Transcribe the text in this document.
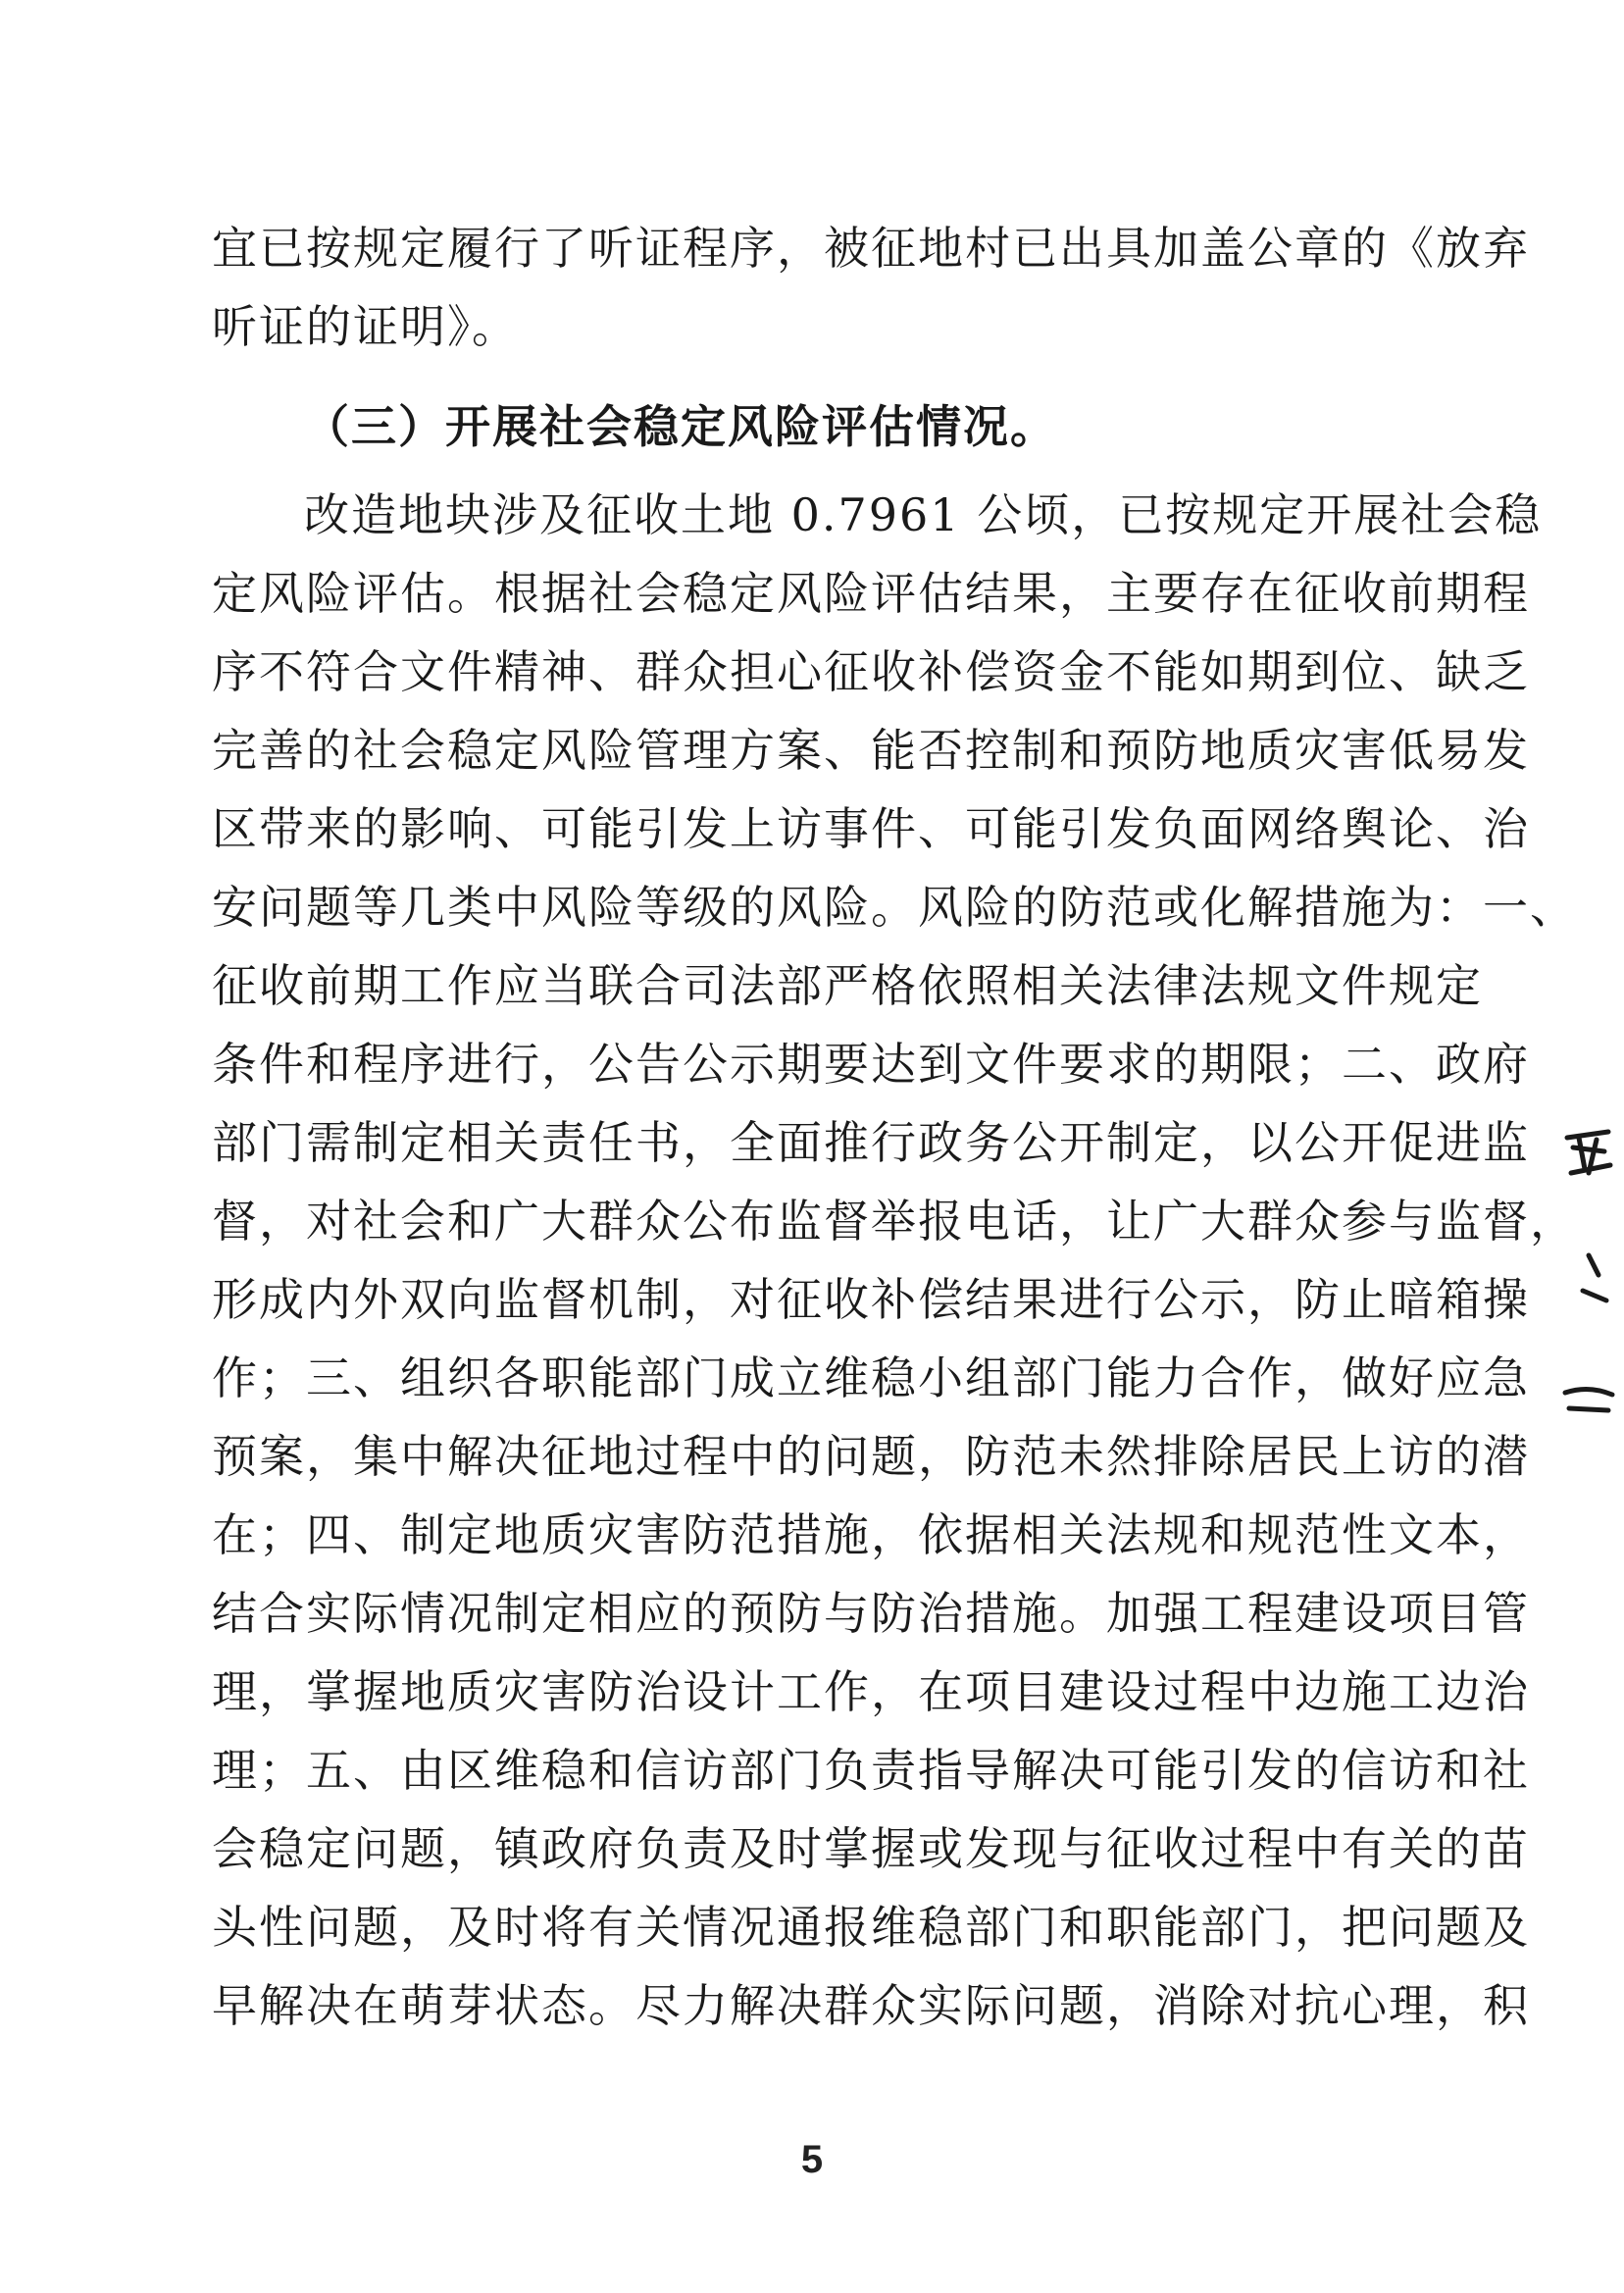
宜已按规定履行了听证程序，被征地村已出具加盖公章的《放弃
听证的证明》。
（三）开展社会稳定风险评估情况。
改造地块涉及征收土地 0.7961 公顷，已按规定开展社会稳
定风险评估。根据社会稳定风险评估结果，主要存在征收前期程
序不符合文件精神、群众担心征收补偿资金不能如期到位、缺乏
完善的社会稳定风险管理方案、能否控制和预防地质灾害低易发
区带来的影响、可能引发上访事件、可能引发负面网络舆论、治
安问题等几类中风险等级的风险。风险的防范或化解措施为：一、
征收前期工作应当联合司法部严格依照相关法律法规文件规定
条件和程序进行，公告公示期要达到文件要求的期限；二、政府
部门需制定相关责任书，全面推行政务公开制定，以公开促进监
督，对社会和广大群众公布监督举报电话，让广大群众参与监督，
形成内外双向监督机制，对征收补偿结果进行公示，防止暗箱操
作；三、组织各职能部门成立维稳小组部门能力合作，做好应急
预案，集中解决征地过程中的问题，防范未然排除居民上访的潜
在；四、制定地质灾害防范措施，依据相关法规和规范性文本，
结合实际情况制定相应的预防与防治措施。加强工程建设项目管
理，掌握地质灾害防治设计工作，在项目建设过程中边施工边治
理；五、由区维稳和信访部门负责指导解决可能引发的信访和社
会稳定问题，镇政府负责及时掌握或发现与征收过程中有关的苗
头性问题，及时将有关情况通报维稳部门和职能部门，把问题及
早解决在萌芽状态。尽力解决群众实际问题，消除对抗心理，积
5
